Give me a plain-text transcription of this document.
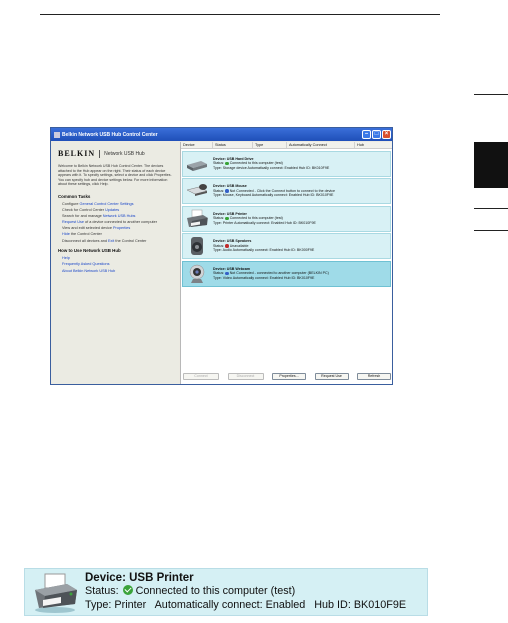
Belkin Network USB Hub Control Center	–	□	×
BELKIN Network USB Hub
Welcome to Belkin Network USB Hub Control Center. The devices attached to the Hub appear on the right. Their status of each device appears with it. To specify settings, select a device and click Properties. You can specify hub and device settings below. For more information about these settings, click Help.
Common Tasks
Configure General Control Center Settings
Check for Control Center Updates
Search for and manage Network USB Hubs
Request Use of a device connected to another computer
View and edit selected device Properties
Hide the Control Center
Disconnect all devices and Exit the Control Center
How to Use Network USB Hub
Help
Frequently Asked Questions
About Belkin Network USB Hub
Device	Status	Type	Automatically Connect	Hub
Device: USB Hard Drive
Status: Connected to this computer (test)
Type: Storage device Automatically connect: Enabled Hub ID: BK010F9E
Device: USB Mouse
Status: Not Connected - Click the Connect button to connect to the device
Type: Mouse, Keyboard Automatically connect: Enabled Hub ID: BK010F9E
Device: USB Printer
Status: Connected to this computer (test)
Type: Printer Automatically connect: Enabled Hub ID: BK010F9E
Device: USB Speakers
Status: Unavailable
Type: Audio Automatically connect: Enabled Hub ID: BK000F9E
Device: USB Webcam
Status: Not Connected - connected to another computer (BELKIN PC)
Type: Video Automatically connect: Enabled Hub ID: BK010F9E
Connect	Disconnect	Properties...	Request Use	Refresh
Device: USB Printer
Status: Connected to this computer (test)
Type: Printer   Automatically connect: Enabled   Hub ID: BK010F9E
